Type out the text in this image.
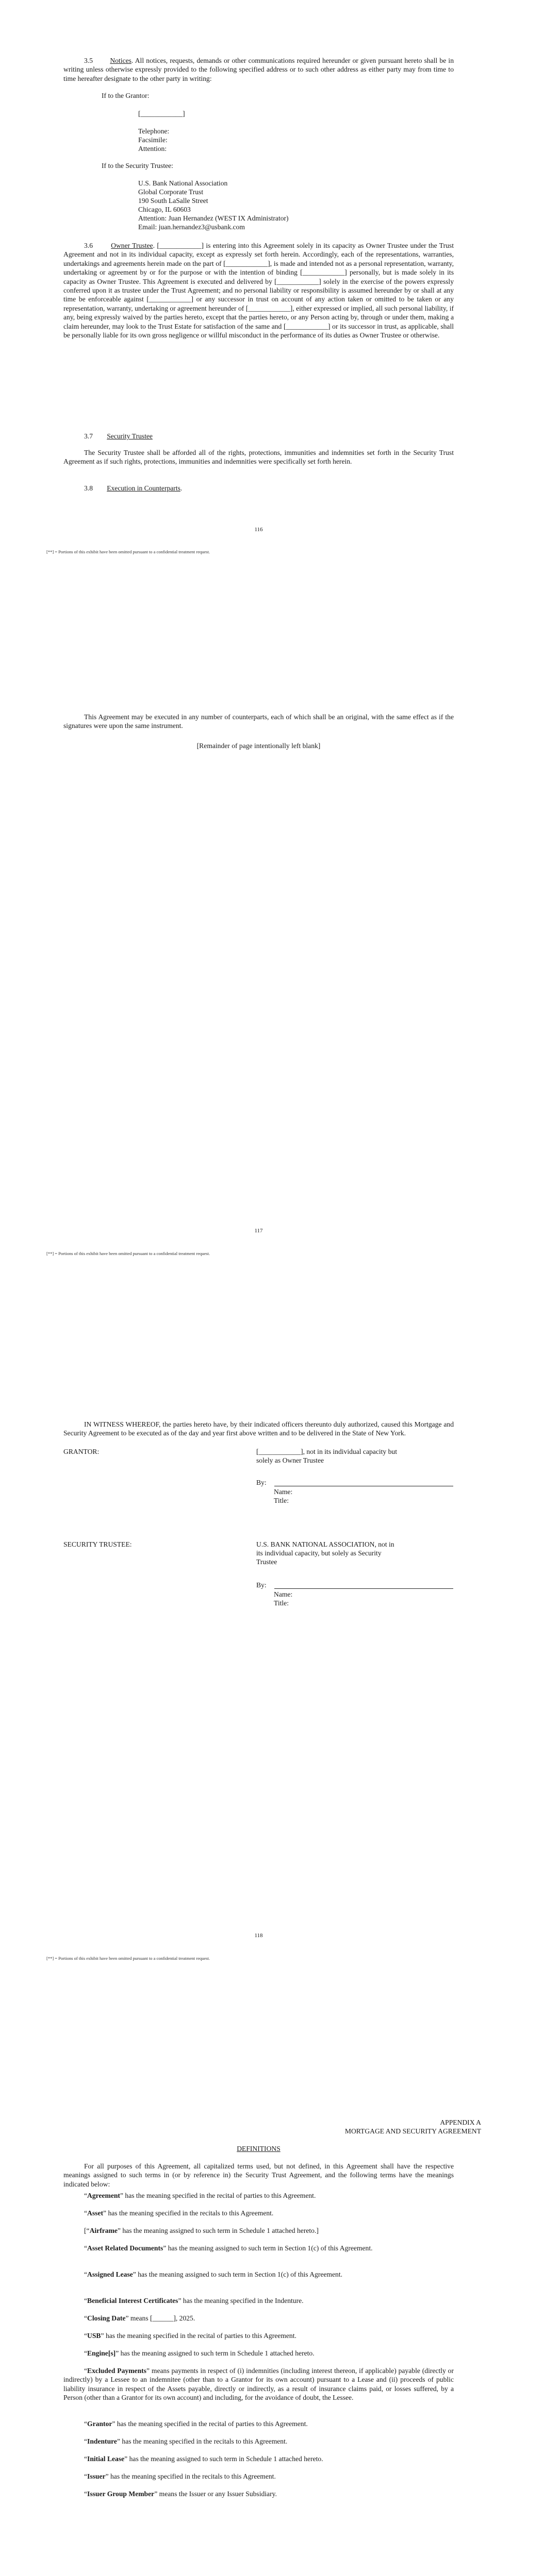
3.5 Notices. All notices, requests, demands or other communications required hereunder or given pursuant hereto shall be in writing unless otherwise expressly provided to the following specified address or to such other address as either party may from time to time hereafter designate to the other party in writing:

If to the Grantor:

[____________]

Telephone:

Facsimile:

Attention:

If to the Security Trustee:

U.S. Bank National Association

Global Corporate Trust

190 South LaSalle Street

Chicago, IL 60603

Attention: Juan Hernandez (WEST IX Administrator)

Email: juan.hernandez3@usbank.com

3.6	Owner Trustee. [____________] is entering into this Agreement solely in its capacity as Owner Trustee under the Trust Agreement and not in its individual capacity, except as expressly set forth herein. Accordingly, each of the representations, warranties, undertakings and agreements herein made on the part of [____________], is made and intended not as a personal representation, warranty, undertaking or agreement by or for the purpose or with the intention of binding [____________] personally, but is made solely in its capacity as Owner Trustee. This Agreement is executed and delivered by [____________] solely in the exercise of the powers expressly conferred upon it as trustee under the Trust Agreement; and no personal liability or responsibility is assumed hereunder by or shall at any time be enforceable against [____________] or any successor in trust on account of any action taken or omitted to be taken or any representation, warranty, undertaking or agreement hereunder of [____________], either expressed or implied, all such personal liability, if any, being expressly waived by the parties hereto, except that the parties hereto, or any Person acting by, through or under them, making a claim hereunder, may look to the Trust Estate for satisfaction of the same and [____________] or its successor in trust, as applicable, shall be personally liable for its own gross negligence or willful misconduct in the performance of its duties as Owner Trustee or otherwise.

3.7 Security Trustee

The Security Trustee shall be afforded all of the rights, protections, immunities and indemnities set forth in the Security Trust Agreement as if such rights, protections, immunities and indemnities were specifically set forth herein.

3.8 Execution in Counterparts.

116

[**] = Portions of this exhibit have been omitted pursuant to a confidential treatment request.

This Agreement may be executed in any number of counterparts, each of which shall be an original, with the same effect as if the signatures were upon the same instrument.

[Remainder of page intentionally left blank]

117

[**] = Portions of this exhibit have been omitted pursuant to a confidential treatment request.

IN WITNESS WHEREOF, the parties hereto have, by their indicated officers thereunto duly authorized, caused this Mortgage and Security Agreement to be executed as of the day and year first above written and to be delivered in the State of New York.

GRANTOR:	[____________], not in its individual capacity but

solely as Owner Trustee

By:

Name:

Title:

SECURITY TRUSTEE:	U.S. BANK NATIONAL ASSOCIATION, not in

its individual capacity, but solely as Security

Trustee

By:

Name:

Title:

118

[**] = Portions of this exhibit have been omitted pursuant to a confidential treatment request.

APPENDIX A

MORTGAGE AND SECURITY AGREEMENT

DEFINITIONS

For all purposes of this Agreement, all capitalized terms used, but not defined, in this Agreement shall have the respective meanings assigned to such terms in (or by reference in) the Security Trust Agreement, and the following terms have the meanings indicated below:

“Agreement” has the meaning specified in the recital of parties to this Agreement.

“Asset” has the meaning specified in the recitals to this Agreement.

[“Airframe” has the meaning assigned to such term in Schedule 1 attached hereto.]

“Asset Related Documents” has the meaning assigned to such term in Section 1(c) of this Agreement.

“Assigned Lease” has the meaning assigned to such term in Section 1(c) of this Agreement.

“Beneficial Interest Certificates” has the meaning specified in the Indenture.

“Closing Date” means [______], 2025.

“USB” has the meaning specified in the recital of parties to this Agreement.

“Engine[s]” has the meaning assigned to such term in Schedule 1 attached hereto.

“Excluded Payments” means payments in respect of (i) indemnities (including interest thereon, if applicable) payable (directly or indirectly) by a Lessee to an indemnitee (other than to a Grantor for its own account) pursuant to a Lease and (ii) proceeds of public liability insurance in respect of the Assets payable, directly or indirectly, as a result of insurance claims paid, or losses suffered, by a Person (other than a Grantor for its own account) and including, for the avoidance of doubt, the Lessee.

“Grantor” has the meaning specified in the recital of parties to this Agreement.

“Indenture” has the meaning specified in the recitals to this Agreement.

“Initial Lease” has the meaning assigned to such term in Schedule 1 attached hereto.

“Issuer” has the meaning specified in the recitals to this Agreement.

“Issuer Group Member” means the Issuer or any Issuer Subsidiary.
